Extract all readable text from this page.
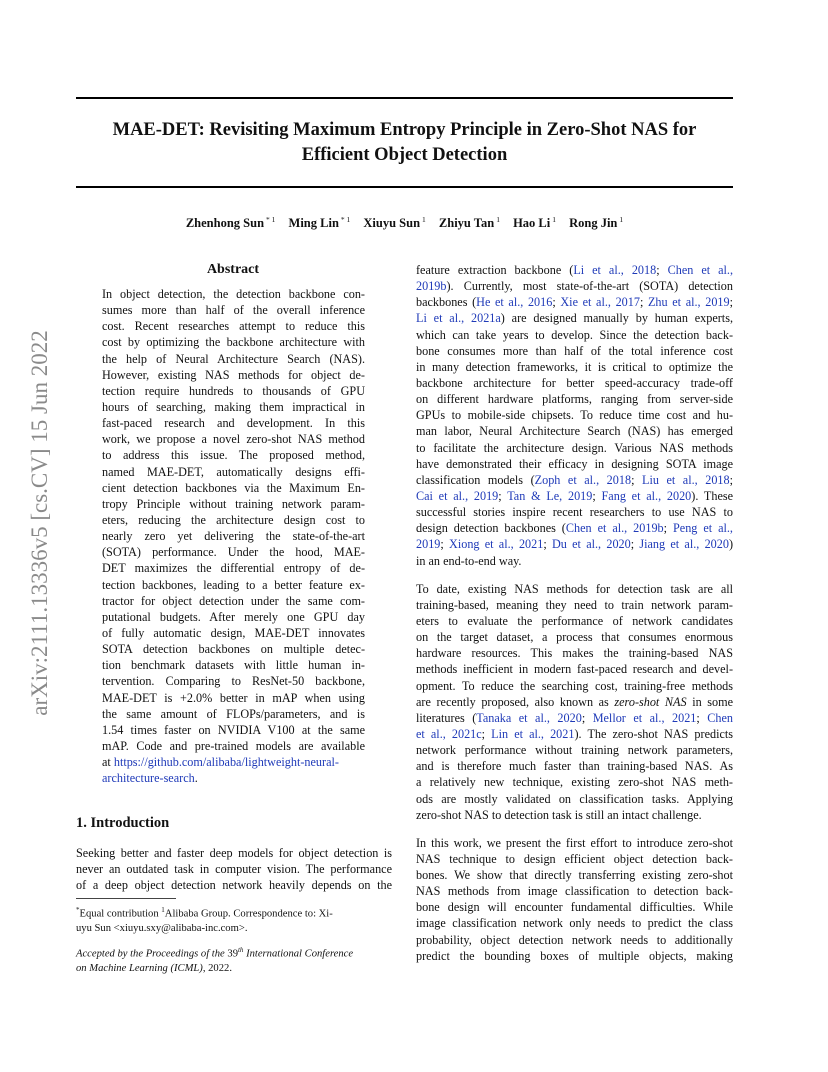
MAE-DET: Revisiting Maximum Entropy Principle in Zero-Shot NAS for
Efficient Object Detection
Zhenhong Sun $^{* 1}$ Ming Lin $^{* 1}$ Xiuyu Sun $^1$ Zhiyu Tan $^1$ Hao Li $^1$ Rong Jin $^1$
arXiv:2111.13336v5 [cs.CV] 15 Jun 2022
Abstract
In object detection, the detection backbone con-
sumes more than half of the overall inference
cost. Recent researches attempt to reduce this
cost by optimizing the backbone architecture with
the help of Neural Architecture Search (NAS).
However, existing NAS methods for object de-
tection require hundreds to thousands of GPU
hours of searching, making them impractical in
fast-paced research and development. In this
work, we propose a novel zero-shot NAS method
to address this issue. The proposed method,
named MAE-DET, automatically designs effi-
cient detection backbones via the Maximum En-
tropy Principle without training network param-
eters, reducing the architecture design cost to
nearly zero yet delivering the state-of-the-art
(SOTA) performance. Under the hood, MAE-
DET maximizes the differential entropy of de-
tection backbones, leading to a better feature ex-
tractor for object detection under the same com-
putational budgets. After merely one GPU day
of fully automatic design, MAE-DET innovates
SOTA detection backbones on multiple detec-
tion benchmark datasets with little human in-
tervention. Comparing to ResNet-50 backbone,
MAE-DET is +2.0% better in mAP when using
the same amount of FLOPs/parameters, and is
1.54 times faster on NVIDIA V100 at the same
mAP. Code and pre-trained models are available
at https://github.com/alibaba/lightweight-neural-
architecture-search.
1. Introduction
Seeking better and faster deep models for object detection is
never an outdated task in computer vision. The performance
of a deep object detection network heavily depends on the
*Equal contribution $^1$Alibaba Group. Correspondence to: Xi-
uyu Sun <xiuyu.sxy@alibaba-inc.com>.
Accepted by the Proceedings of the 39th International Conference
on Machine Learning (ICML), 2022.
feature extraction backbone (Li et al., 2018; Chen et al.,
2019b). Currently, most state-of-the-art (SOTA) detection
backbones (He et al., 2016; Xie et al., 2017; Zhu et al., 2019;
Li et al., 2021a) are designed manually by human experts,
which can take years to develop. Since the detection back-
bone consumes more than half of the total inference cost
in many detection frameworks, it is critical to optimize the
backbone architecture for better speed-accuracy trade-off
on different hardware platforms, ranging from server-side
GPUs to mobile-side chipsets. To reduce time cost and hu-
man labor, Neural Architecture Search (NAS) has emerged
to facilitate the architecture design. Various NAS methods
have demonstrated their efficacy in designing SOTA image
classification models (Zoph et al., 2018; Liu et al., 2018;
Cai et al., 2019; Tan & Le, 2019; Fang et al., 2020). These
successful stories inspire recent researchers to use NAS to
design detection backbones (Chen et al., 2019b; Peng et al.,
2019; Xiong et al., 2021; Du et al., 2020; Jiang et al., 2020)
in an end-to-end way.
To date, existing NAS methods for detection task are all
training-based, meaning they need to train network param-
eters to evaluate the performance of network candidates
on the target dataset, a process that consumes enormous
hardware resources. This makes the training-based NAS
methods inefficient in modern fast-paced research and devel-
opment. To reduce the searching cost, training-free methods
are recently proposed, also known as zero-shot NAS in some
literatures (Tanaka et al., 2020; Mellor et al., 2021; Chen
et al., 2021c; Lin et al., 2021). The zero-shot NAS predicts
network performance without training network parameters,
and is therefore much faster than training-based NAS. As
a relatively new technique, existing zero-shot NAS meth-
ods are mostly validated on classification tasks. Applying
zero-shot NAS to detection task is still an intact challenge.
In this work, we present the first effort to introduce zero-shot
NAS technique to design efficient object detection back-
bones. We show that directly transferring existing zero-shot
NAS methods from image classification to detection back-
bone design will encounter fundamental difficulties. While
image classification network only needs to predict the class
probability, object detection network needs to additionally
predict the bounding boxes of multiple objects, making
